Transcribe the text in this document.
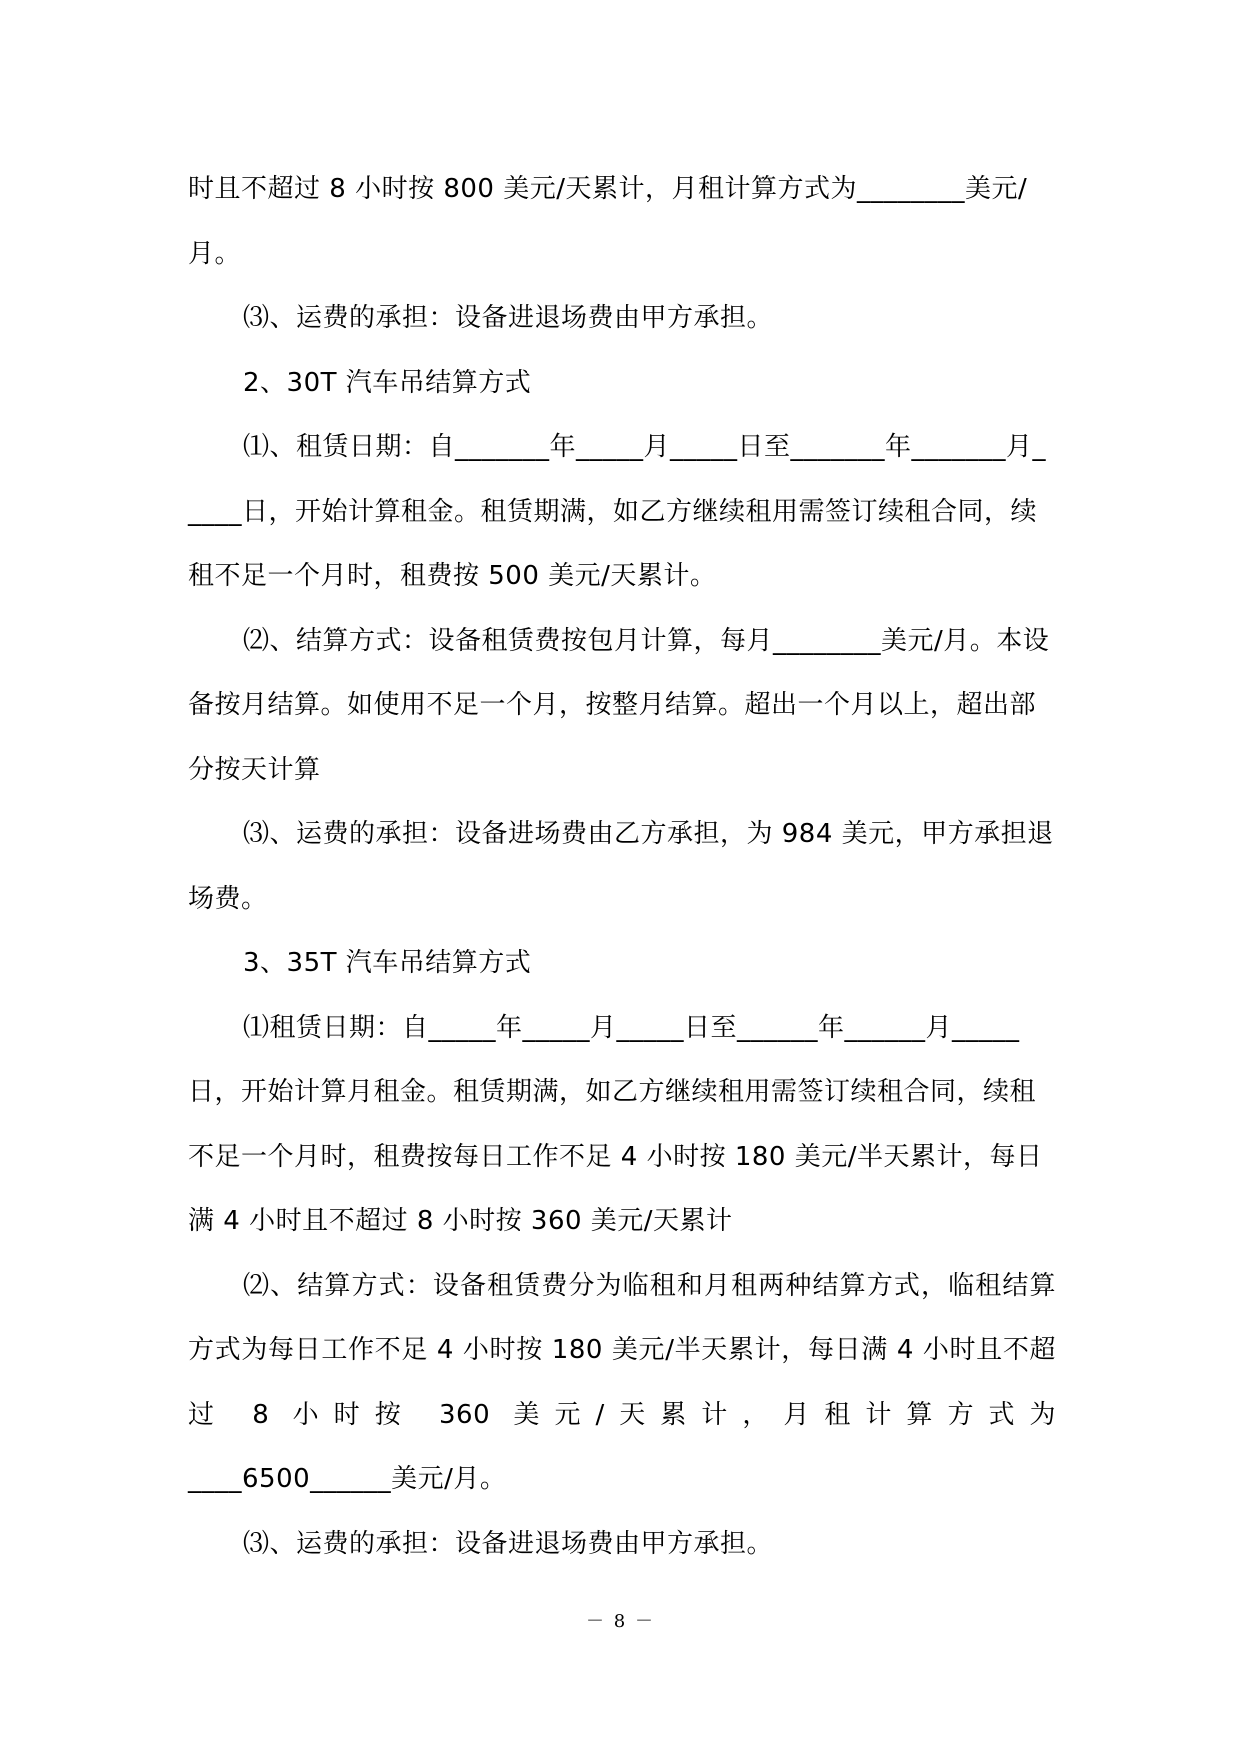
时且不超过 8 小时按 800 美元/天累计，月租计算方式为________美元/月。

⑶、运费的承担：设备进退场费由甲方承担。

2、30T 汽车吊结算方式

⑴、租赁日期：自_______年_____月_____日至_______年_______月_____日，开始计算租金。租赁期满，如乙方继续租用需签订续租合同，续租不足一个月时，租费按 500 美元/天累计。

⑵、结算方式：设备租赁费按包月计算，每月________美元/月。本设备按月结算。如使用不足一个月，按整月结算。超出一个月以上，超出部分按天计算

⑶、运费的承担：设备进场费由乙方承担，为 984 美元，甲方承担退场费。

3、35T 汽车吊结算方式

⑴租赁日期：自_____年_____月_____日至______年______月_____日，开始计算月租金。租赁期满，如乙方继续租用需签订续租合同，续租不足一个月时，租费按每日工作不足 4 小时按 180 美元/半天累计，每日满 4 小时且不超过 8 小时按 360 美元/天累计

⑵、结算方式：设备租赁费分为临租和月租两种结算方式，临租结算方式为每日工作不足 4 小时按 180 美元/半天累计，每日满 4 小时且不超过 8 小时按 360 美元/天累计，月租计算方式为

____6500______美元/月。

⑶、运费的承担：设备进退场费由甲方承担。

－ 8 －
